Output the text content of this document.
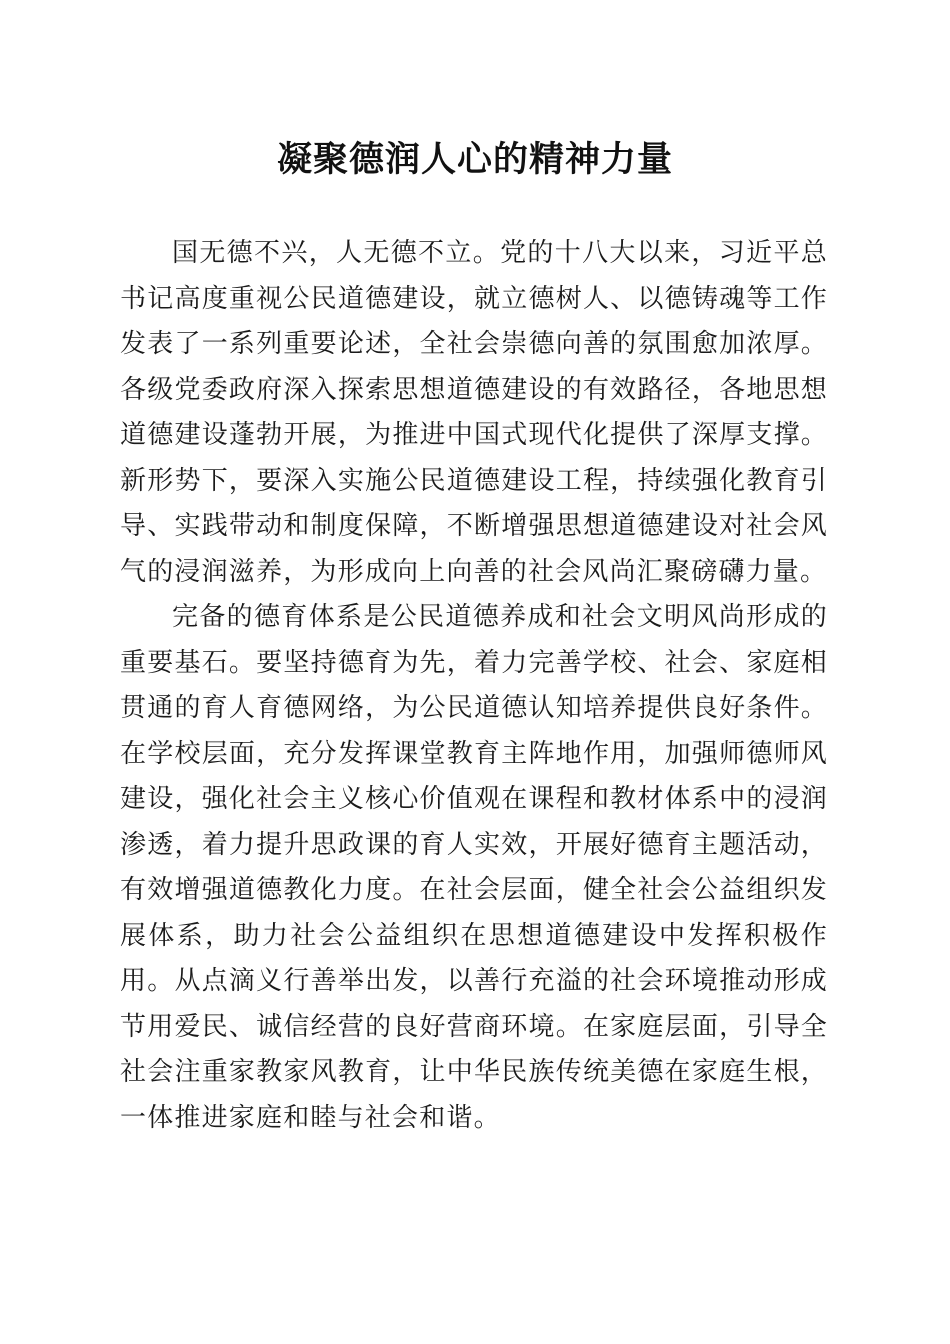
凝聚德润人心的精神力量

国无德不兴，人无德不立。党的十八大以来，习近平总书记高度重视公民道德建设，就立德树人、以德铸魂等工作发表了一系列重要论述，全社会崇德向善的氛围愈加浓厚。各级党委政府深入探索思想道德建设的有效路径，各地思想道德建设蓬勃开展，为推进中国式现代化提供了深厚支撑。新形势下，要深入实施公民道德建设工程，持续强化教育引导、实践带动和制度保障，不断增强思想道德建设对社会风气的浸润滋养，为形成向上向善的社会风尚汇聚磅礴力量。

完备的德育体系是公民道德养成和社会文明风尚形成的重要基石。要坚持德育为先，着力完善学校、社会、家庭相贯通的育人育德网络，为公民道德认知培养提供良好条件。在学校层面，充分发挥课堂教育主阵地作用，加强师德师风建设，强化社会主义核心价值观在课程和教材体系中的浸润渗透，着力提升思政课的育人实效，开展好德育主题活动，有效增强道德教化力度。在社会层面，健全社会公益组织发展体系，助力社会公益组织在思想道德建设中发挥积极作用。从点滴义行善举出发，以善行充溢的社会环境推动形成节用爱民、诚信经营的良好营商环境。在家庭层面，引导全社会注重家教家风教育，让中华民族传统美德在家庭生根，一体推进家庭和睦与社会和谐。
